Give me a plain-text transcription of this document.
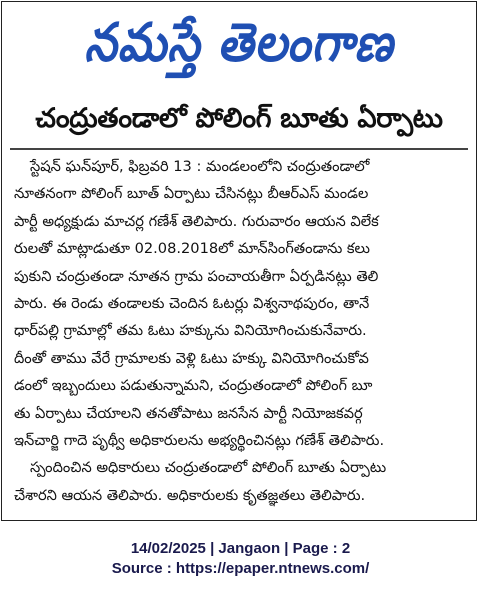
నమస్తే తెలంగాణ
చంద్రుతండాలో పోలింగ్ బూతు ఏర్పాటు
స్టేషన్ ఘన్‌పూర్, ఫిబ్రవరి 13 : మండలంలోని చంద్రుతండాలో
నూతనంగా పోలింగ్ బూత్ ఏర్పాటు చేసినట్లు బీఆర్ఎస్ మండల
పార్టీ అధ్యక్షుడు మాచర్ల గణేశ్ తెలిపారు. గురువారం ఆయన విలేక
రులతో మాట్లాడుతూ 02.08.2018లో మాన్‌సింగ్‌తండాను కలు
పుకుని చంద్రుతండా నూతన గ్రామ పంచాయతీగా ఏర్పడినట్లు తెలి
పారు. ఈ రెండు తండాలకు చెందిన ఓటర్లు విశ్వనాథపురం, తానే
ధార్‌పల్లి గ్రామాల్లో తమ ఓటు హక్కును వినియోగించుకునేవారు.
దీంతో తాము వేరే గ్రామాలకు వెళ్లి ఓటు హక్కు వినియోగించుకోవ
డంలో ఇబ్బందులు పడుతున్నామని, చంద్రుతండాలో పోలింగ్ బూ
తు ఏర్పాటు చేయాలని తనతోపాటు జనసేన పార్టీ నియోజకవర్గ
ఇన్‌చార్జి గాదె పృథ్వీ అధికారులను అభ్యర్థించినట్లు గణేశ్ తెలిపారు.
స్పందించిన అధికారులు చంద్రుతండాలో పోలింగ్ బూతు ఏర్పాటు
చేశారని ఆయన తెలిపారు. అధికారులకు కృతజ్ఞతలు తెలిపారు.
14/02/2025 | Jangaon | Page : 2
Source : https://epaper.ntnews.com/
